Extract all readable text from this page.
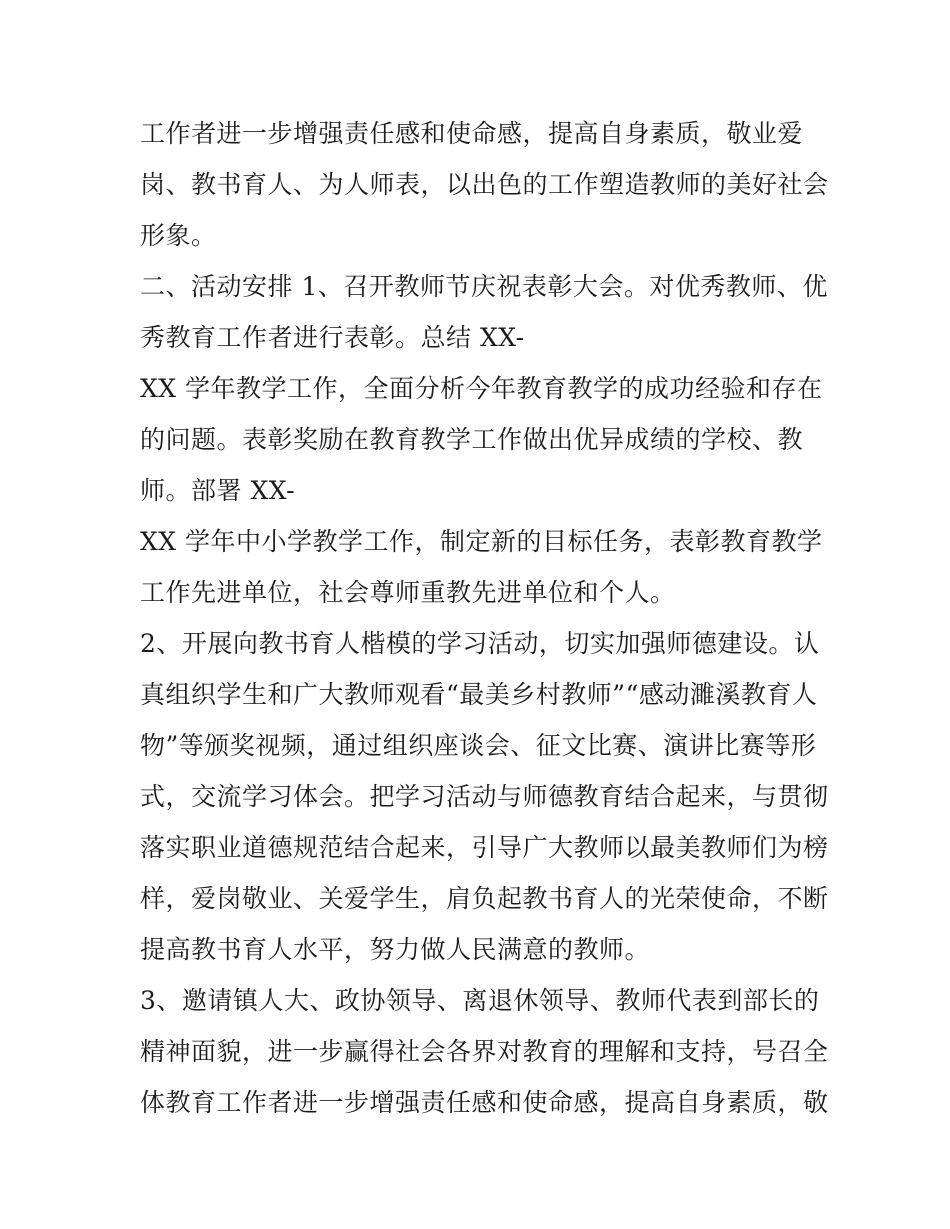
工作者进一步增强责任感和使命感，提高自身素质，敬业爱
岗、教书育人、为人师表，以出色的工作塑造教师的美好社会
形象。
二、活动安排 1、召开教师节庆祝表彰大会。对优秀教师、优
秀教育工作者进行表彰。总结 XX-
XX 学年教学工作，全面分析今年教育教学的成功经验和存在
的问题。表彰奖励在教育教学工作做出优异成绩的学校、教
师。部署 XX-
XX 学年中小学教学工作，制定新的目标任务，表彰教育教学
工作先进单位，社会尊师重教先进单位和个人。
2、开展向教书育人楷模的学习活动，切实加强师德建设。认
真组织学生和广大教师观看“最美乡村教师”“感动濉溪教育人
物”等颁奖视频，通过组织座谈会、征文比赛、演讲比赛等形
式，交流学习体会。把学习活动与师德教育结合起来，与贯彻
落实职业道德规范结合起来，引导广大教师以最美教师们为榜
样，爱岗敬业、关爱学生，肩负起教书育人的光荣使命，不断
提高教书育人水平，努力做人民满意的教师。
3、邀请镇人大、政协领导、离退休领导、教师代表到部长的
精神面貌，进一步赢得社会各界对教育的理解和支持，号召全
体教育工作者进一步增强责任感和使命感，提高自身素质，敬
